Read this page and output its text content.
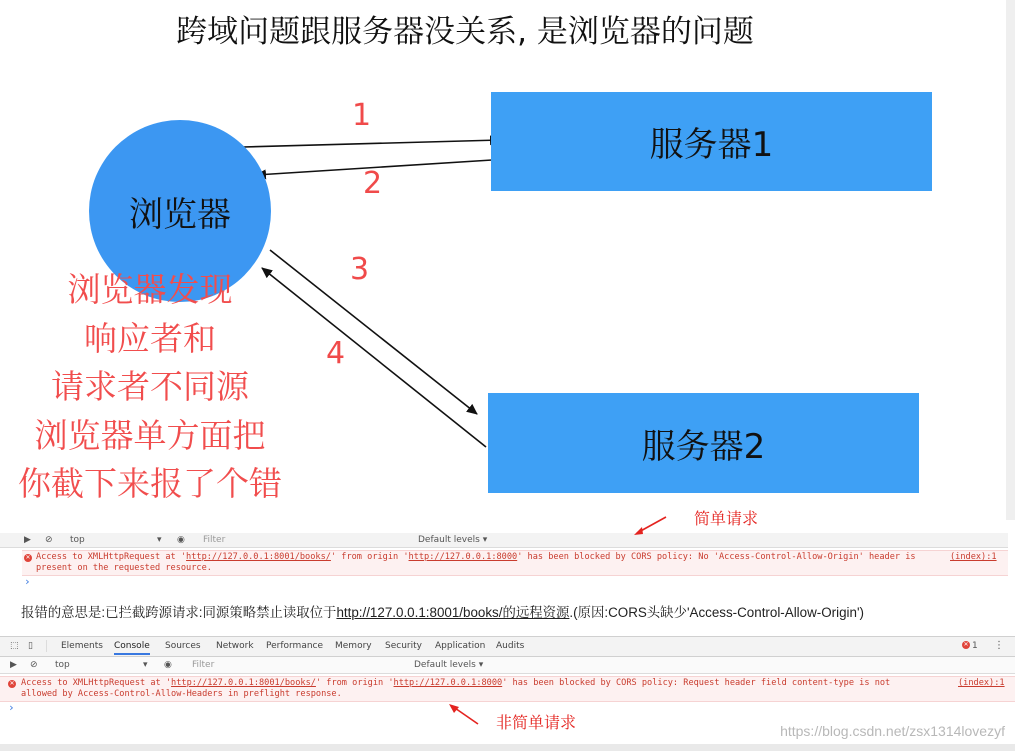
跨域问题跟服务器没关系, 是浏览器的问题
浏览器
服务器1
服务器2
1
2
3
4
浏览器发现
响应者和
请求者不同源
浏览器单方面把
你截下来报了个错
▶ ⊘ top	▾ ◉ Filter	Default levels ▾
✕ Access to XMLHttpRequest at 'http://127.0.0.1:8001/books/' from origin 'http://127.0.0.1:8000' has been blocked by CORS policy: No 'Access-Control-Allow-Origin' header is
present on the requested resource.
(index):1
›
简单请求
报错的意思是:已拦截跨源请求:同源策略禁止读取位于http://127.0.0.1:8001/books/的远程资源.(原因:CORS头缺少'Access-Control-Allow-Origin')
⬚ ▯	Elements Console Sources Network Performance Memory Security Application Audits	✕ 1 ⋮
▶ ⊘ top	▾ ◉ Filter	Default levels ▾
✕ Access to XMLHttpRequest at 'http://127.0.0.1:8001/books/' from origin 'http://127.0.0.1:8000' has been blocked by CORS policy: Request header field content-type is not
allowed by Access-Control-Allow-Headers in preflight response.
(index):1
›
非简单请求	https://blog.csdn.net/zsx1314lovezyf
